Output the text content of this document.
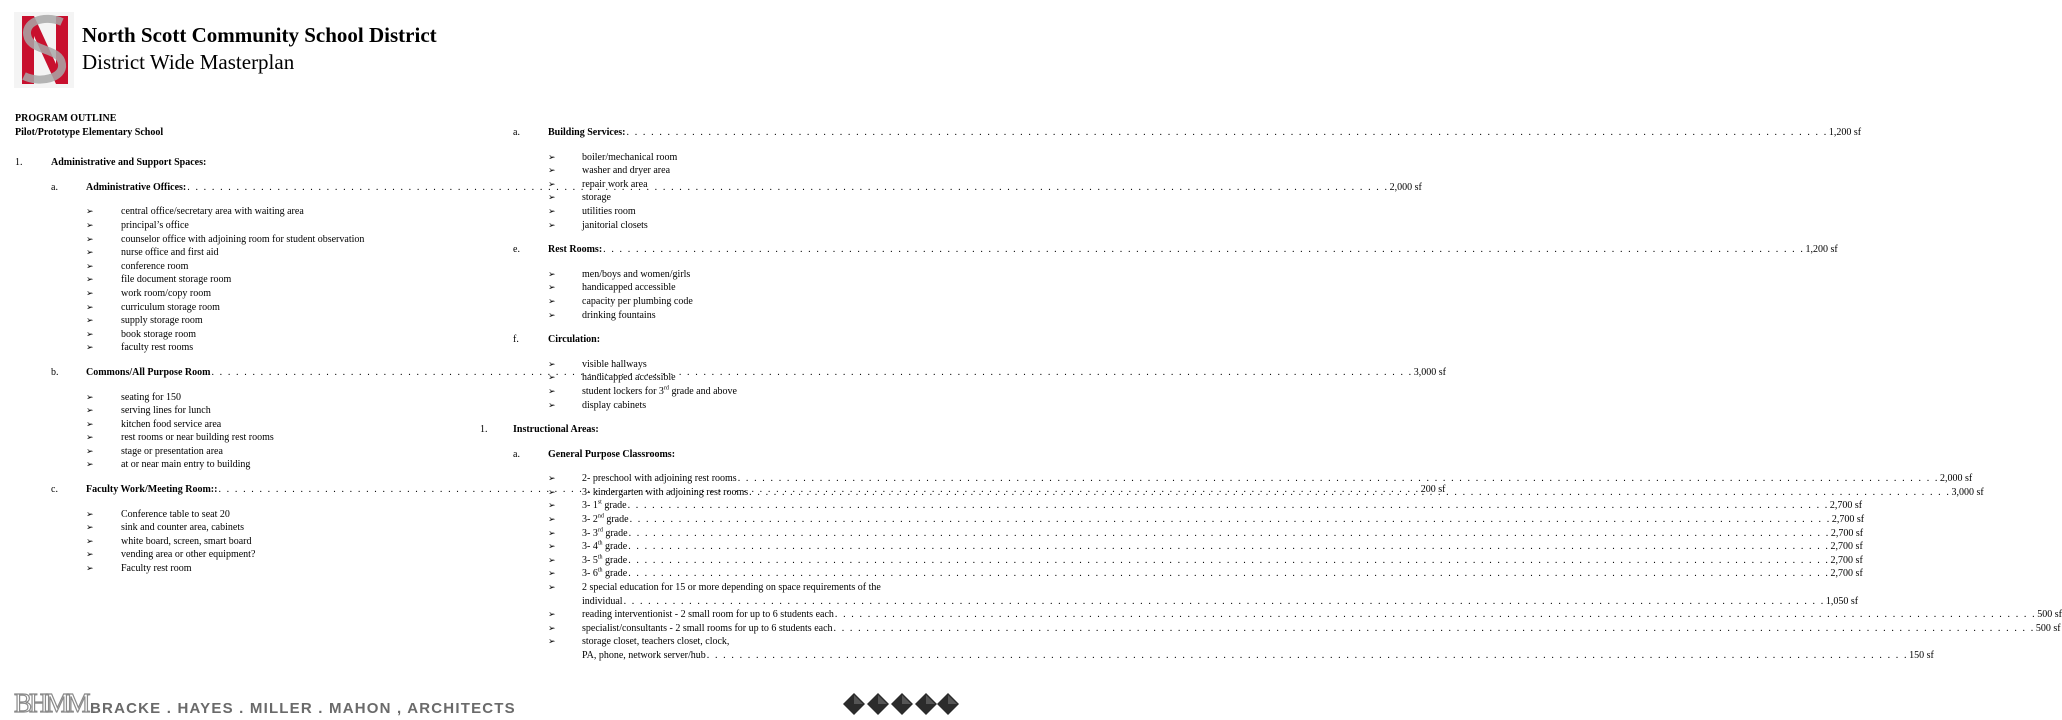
North Scott Community School District
District Wide Masterplan
PROGRAM OUTLINE
Pilot/Prototype Elementary School
1.	Administrative and Support Spaces:
a.	Administrative Offices: . . .	2,000 sf
➢	central office/secretary area with waiting area
➢	principal’s office
➢	counselor office with adjoining room for student observation
➢	nurse office and first aid
➢	conference room
➢	file document storage room
➢	work room/copy room
➢	curriculum storage room
➢	supply storage room
➢	book storage room
➢	faculty rest rooms
b.	Commons/All Purpose Room . . .	3,000 sf
➢	seating for 150
➢	serving lines for lunch
➢	kitchen food service area
➢	rest rooms or near building rest rooms
➢	stage or presentation area
➢	at or near main entry to building
c.	Faculty Work/Meeting Room:: . . .	200 sf
➢	Conference table to seat 20
➢	sink and counter area, cabinets
➢	white board, screen, smart board
➢	vending area or other equipment?
➢	Faculty rest room
a.	Building Services: . . .	1,200 sf
➢	boiler/mechanical room
➢	washer and dryer area
➢	repair work area
➢	storage
➢	utilities room
➢	janitorial closets
e.	Rest Rooms: . . .	1,200 sf
➢	men/boys and women/girls
➢	handicapped accessible
➢	capacity per plumbing code
➢	drinking fountains
f.	Circulation:
➢	visible hallways
➢	handicapped accessible
➢	student lockers for 3rd grade and above
➢	display cabinets
1.	Instructional Areas:
a.	General Purpose Classrooms:
➢	2- preschool with adjoining rest rooms . . .	2,000 sf
➢	3- kindergarten with adjoining rest rooms . . .	3,000 sf
➢	3- 1st grade . . .	2,700 sf
➢	3- 2nd grade . . .	2,700 sf
➢	3- 3rd grade . . .	2,700 sf
➢	3- 4th grade . . .	2,700 sf
➢	3- 5th grade . . .	2,700 sf
➢	3- 6th grade . . .	2,700 sf
➢	2 special education for 15 or more depending on space requirements of the
individual . . .	1,050 sf
➢	reading interventionist - 2 small room for up to 6 students each . . .	500 sf
➢	specialist/consultants - 2 small rooms for up to 6 students each . . .	500 sf
➢	storage closet, teachers closet, clock,
PA, phone, network server/hub . . .	150 sf
BHMM BRACKE . HAYES . MILLER . MAHON , ARCHITECTS
